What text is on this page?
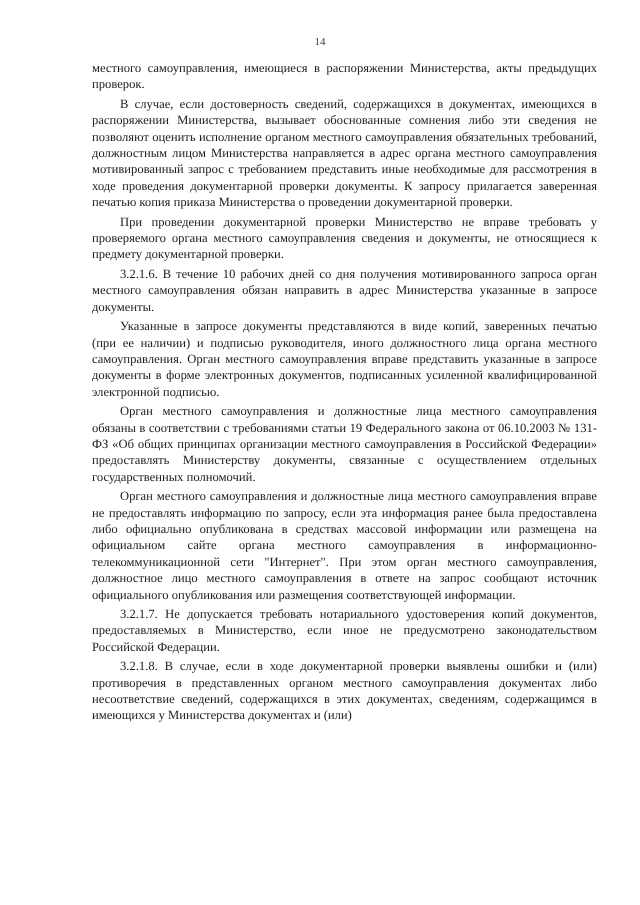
14

местного самоуправления, имеющиеся в распоряжении Министерства, акты предыдущих проверок.

В случае, если достоверность сведений, содержащихся в документах, имеющихся в распоряжении Министерства, вызывает обоснованные сомнения либо эти сведения не позволяют оценить исполнение органом местного самоуправления обязательных требований, должностным лицом Министерства направляется в адрес органа местного самоуправления мотивированный запрос с требованием представить иные необходимые для рассмотрения в ходе проведения документарной проверки документы. К запросу прилагается заверенная печатью копия приказа Министерства о проведении документарной проверки.

При проведении документарной проверки Министерство не вправе требовать у проверяемого органа местного самоуправления сведения и документы, не относящиеся к предмету документарной проверки.

3.2.1.6. В течение 10 рабочих дней со дня получения мотивированного запроса орган местного самоуправления обязан направить в адрес Министерства указанные в запросе документы.

Указанные в запросе документы представляются в виде копий, заверенных печатью (при ее наличии) и подписью руководителя, иного должностного лица органа местного самоуправления. Орган местного самоуправления вправе представить указанные в запросе документы в форме электронных документов, подписанных усиленной квалифицированной электронной подписью.

Орган местного самоуправления и должностные лица местного самоуправления обязаны в соответствии с требованиями статьи 19 Федерального закона от 06.10.2003 № 131-ФЗ «Об общих принципах организации местного самоуправления в Российской Федерации» предоставлять Министерству документы, связанные с осуществлением отдельных государственных полномочий.

Орган местного самоуправления и должностные лица местного самоуправления вправе не предоставлять информацию по запросу, если эта информация ранее была предоставлена либо официально опубликована в средствах массовой информации или размещена на официальном сайте органа местного самоуправления в информационно-телекоммуникационной сети "Интернет". При этом орган местного самоуправления, должностное лицо местного самоуправления в ответе на запрос сообщают источник официального опубликования или размещения соответствующей информации.

3.2.1.7. Не допускается требовать нотариального удостоверения копий документов, предоставляемых в Министерство, если иное не предусмотрено законодательством Российской Федерации.

3.2.1.8. В случае, если в ходе документарной проверки выявлены ошибки и (или) противоречия в представленных органом местного самоуправления документах либо несоответствие сведений, содержащихся в этих документах, сведениям, содержащимся в имеющихся у Министерства документах и (или)
